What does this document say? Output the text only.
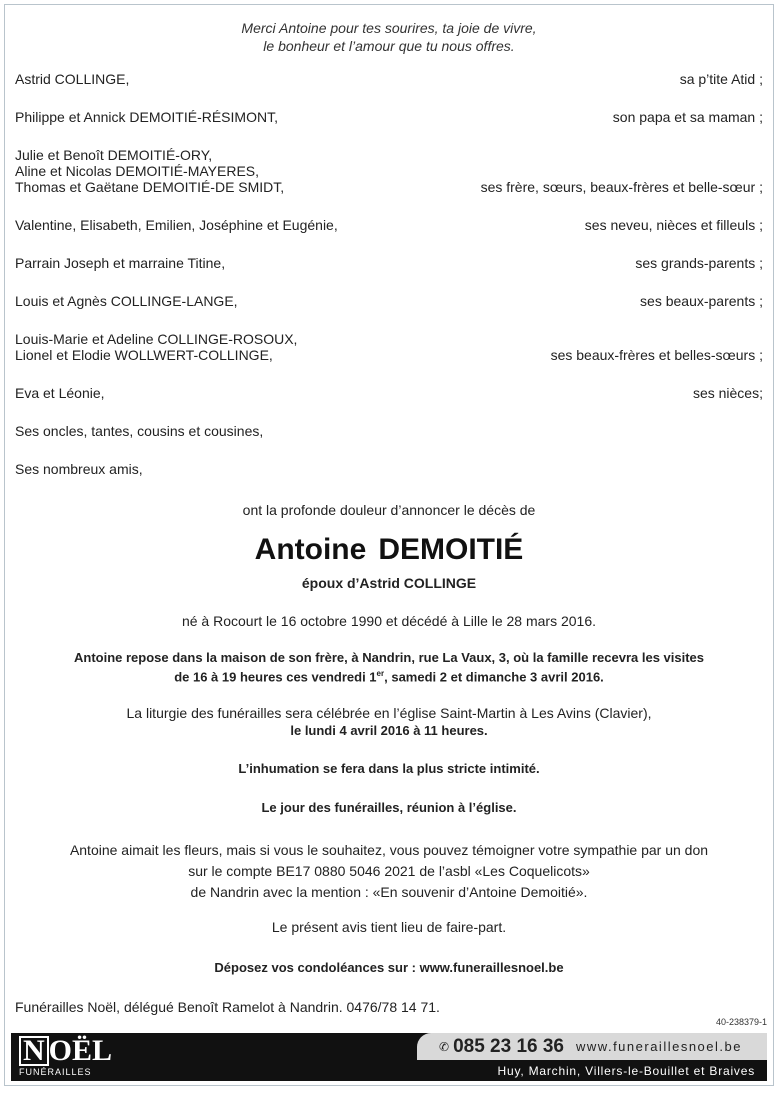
Merci Antoine pour tes sourires, ta joie de vivre,
le bonheur et l’amour que tu nous offres.
Astrid COLLINGE,	sa p’tite Atid ;
Philippe et Annick DEMOITIÉ-RÉSIMONT,	son papa et sa maman ;
Julie et Benoît DEMOITIÉ-ORY,
Aline et Nicolas DEMOITIÉ-MAYERES,
Thomas et Gaëtane DEMOITIÉ-DE SMIDT,	ses frère, sœurs, beaux-frères et belle-sœur ;
Valentine, Elisabeth, Emilien, Joséphine et Eugénie,	ses neveu, nièces et filleuls ;
Parrain Joseph et marraine Titine,	ses grands-parents ;
Louis et Agnès COLLINGE-LANGE,	ses beaux-parents ;
Louis-Marie et Adeline COLLINGE-ROSOUX,
Lionel et Elodie WOLLWERT-COLLINGE,	ses beaux-frères et belles-sœurs ;
Eva et Léonie,	ses nièces;
Ses oncles, tantes, cousins et cousines,
Ses nombreux amis,
ont la profonde douleur d’annoncer le décès de
Antoine DEMOITIÉ
époux d’Astrid COLLINGE
né à Rocourt le 16 octobre 1990 et décédé à Lille le 28 mars 2016.
Antoine repose dans la maison de son frère, à Nandrin, rue La Vaux, 3, où la famille recevra les visites
de 16 à 19 heures ces vendredi 1er, samedi 2 et dimanche 3 avril 2016.
La liturgie des funérailles sera célébrée en l’église Saint-Martin à Les Avins (Clavier),
le lundi 4 avril 2016 à 11 heures.
L’inhumation se fera dans la plus stricte intimité.
Le jour des funérailles, réunion à l’église.
Antoine aimait les fleurs, mais si vous le souhaitez, vous pouvez témoigner votre sympathie par un don
sur le compte BE17 0880 5046 2021 de l’asbl «Les Coquelicots»
de Nandrin avec la mention : «En souvenir d’Antoine Demoitié».
Le présent avis tient lieu de faire-part.
Déposez vos condoléances sur : www.funeraillesnoel.be
Funérailles Noël, délégué Benoît Ramelot à Nandrin. 0476/78 14 71.
40-238379-1
N OËL
FUNÉRAILLES
✆ 085 23 16 36 www.funeraillesnoel.be
Huy, Marchin, Villers-le-Bouillet et Braives
